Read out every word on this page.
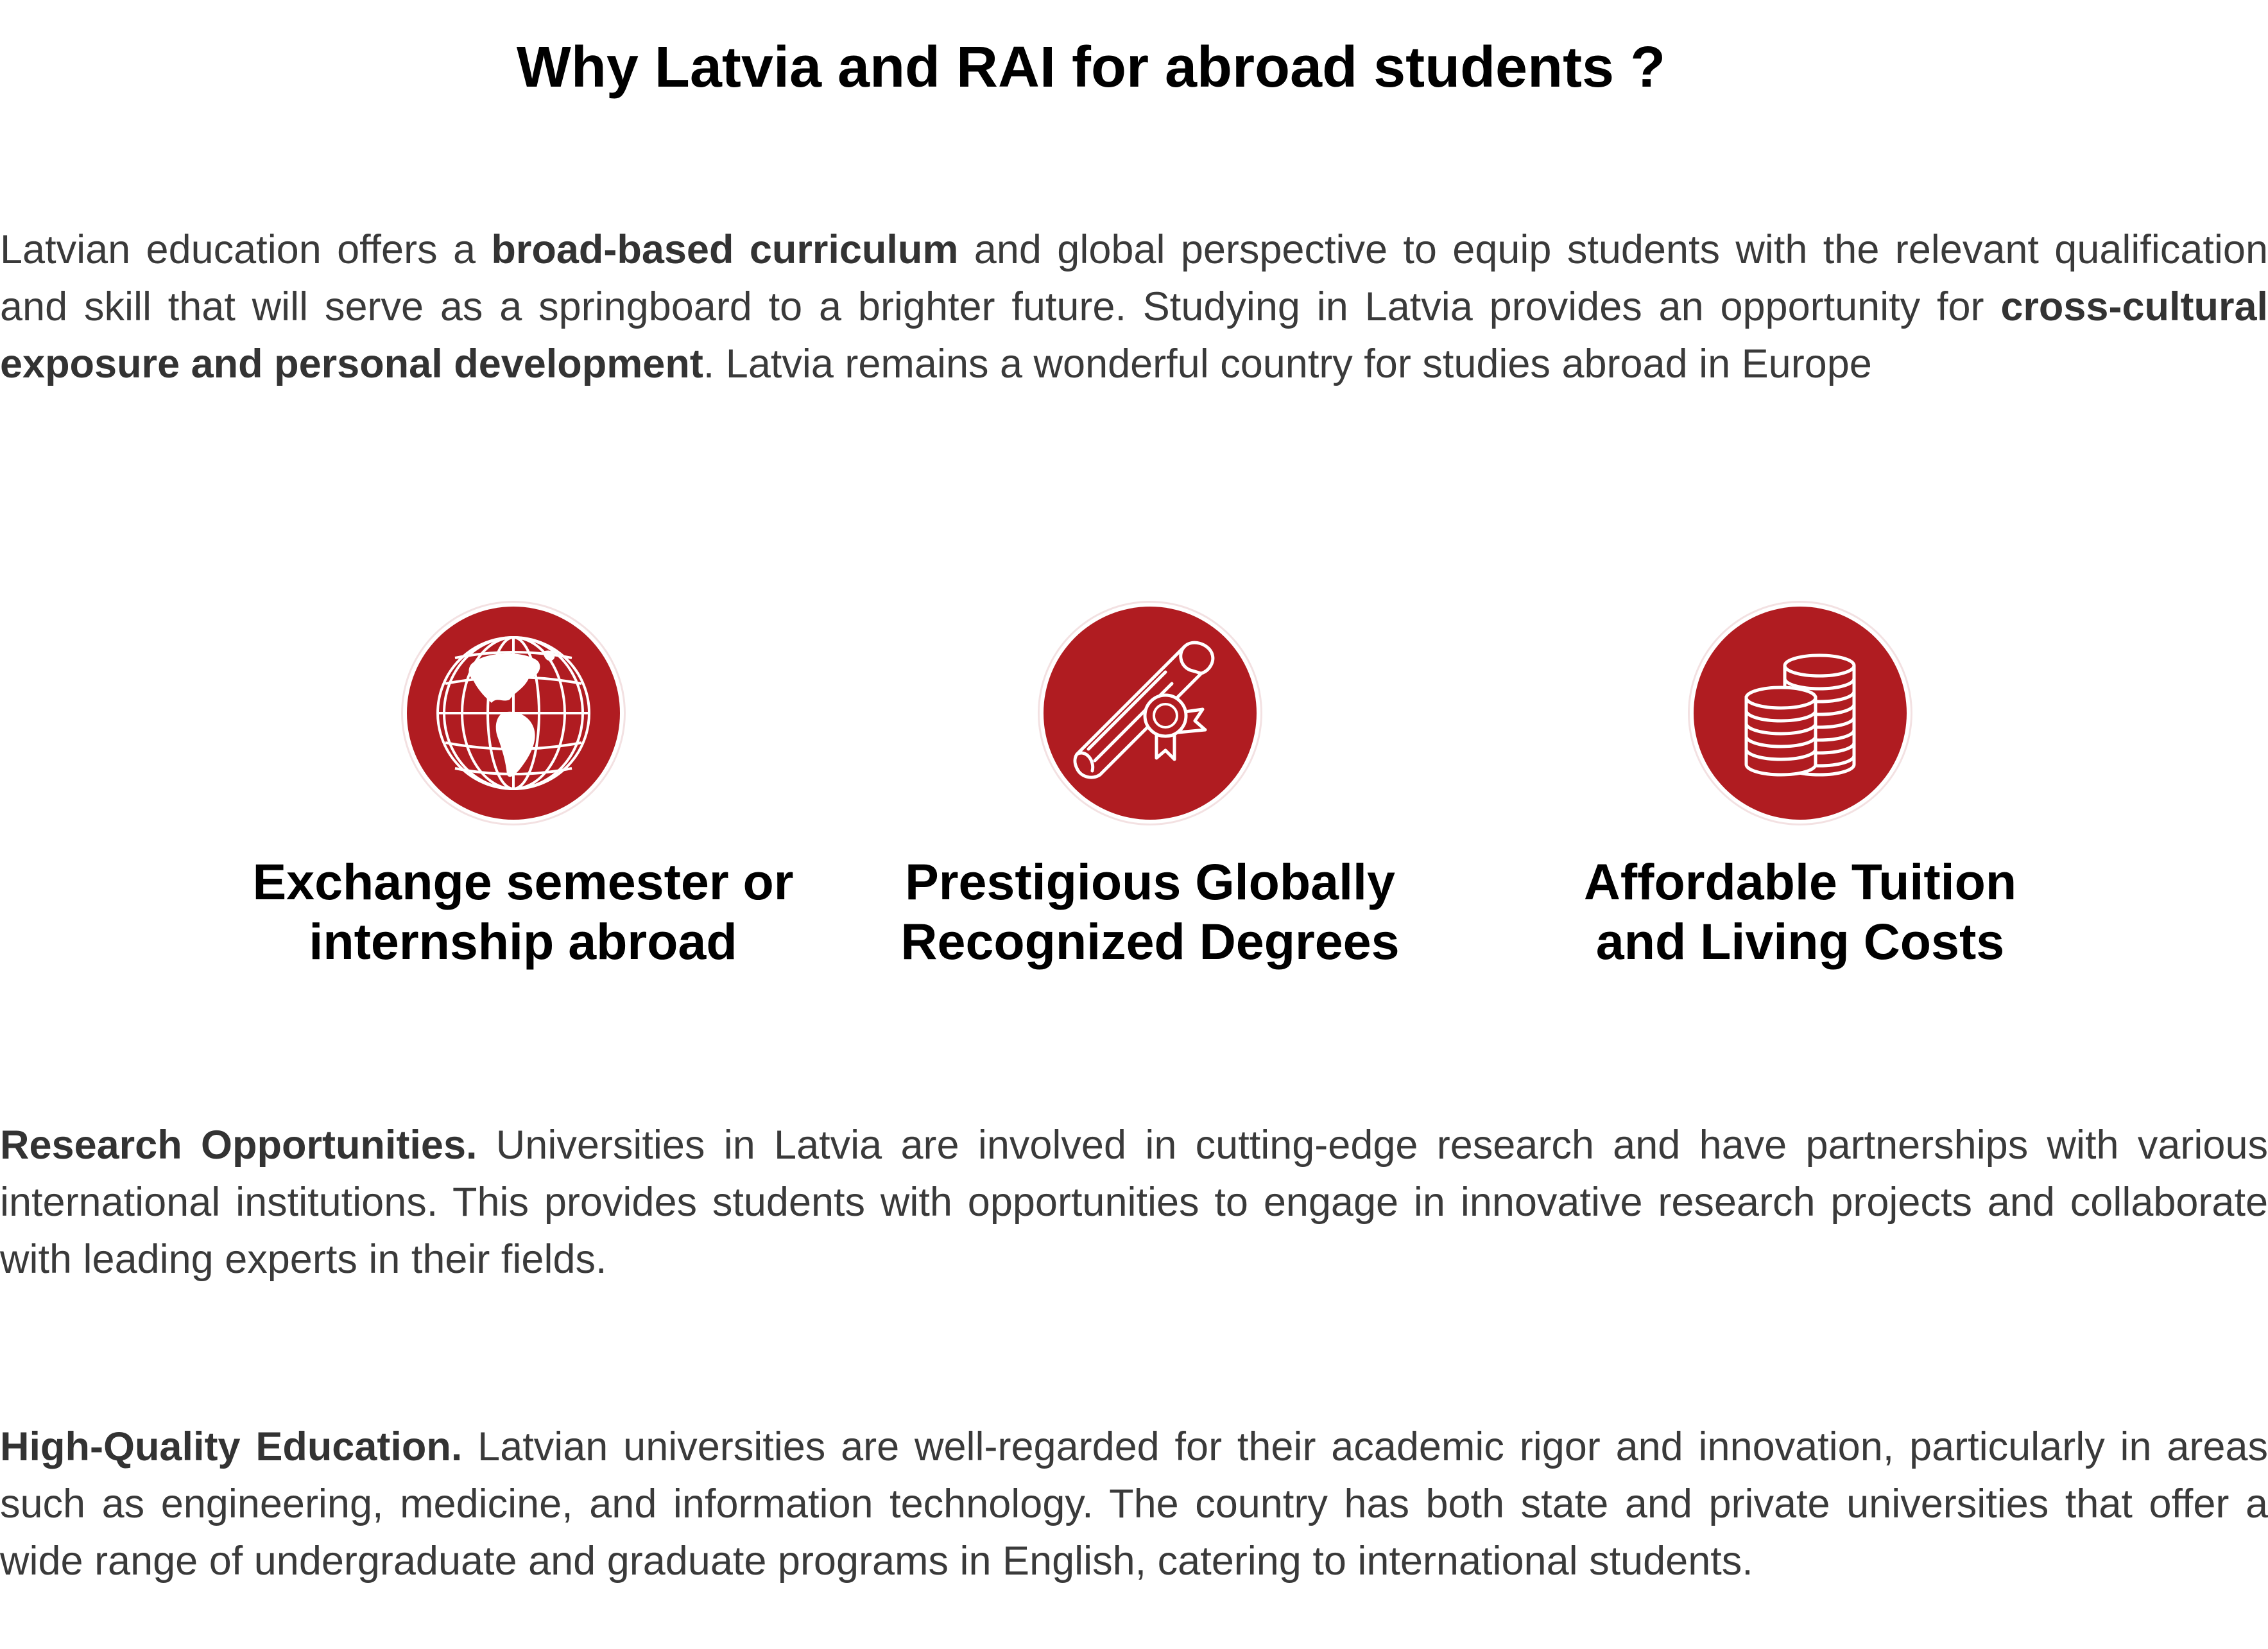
Why Latvia and RAI for abroad students ?

Latvian education offers a broad-based curriculum and global perspective to equip students with the relevant qualification and skill that will serve as a springboard to a brighter future. Studying in Latvia provides an opportunity for cross-cultural exposure and personal development. Latvia remains a wonderful country for studies abroad in Europe

Exchange semester or
internship abroad
Prestigious Globally
Recognized Degrees
Affordable Tuition
and Living Costs

Research Opportunities. Universities in Latvia are involved in cutting-edge research and have partnerships with various international institutions. This provides students with opportunities to engage in innovative research projects and collaborate with leading experts in their fields.

High-Quality Education. Latvian universities are well-regarded for their academic rigor and innovation, particularly in areas such as engineering, medicine, and information technology. The country has both state and private universities that offer a wide range of undergraduate and graduate programs in English, catering to international students.
